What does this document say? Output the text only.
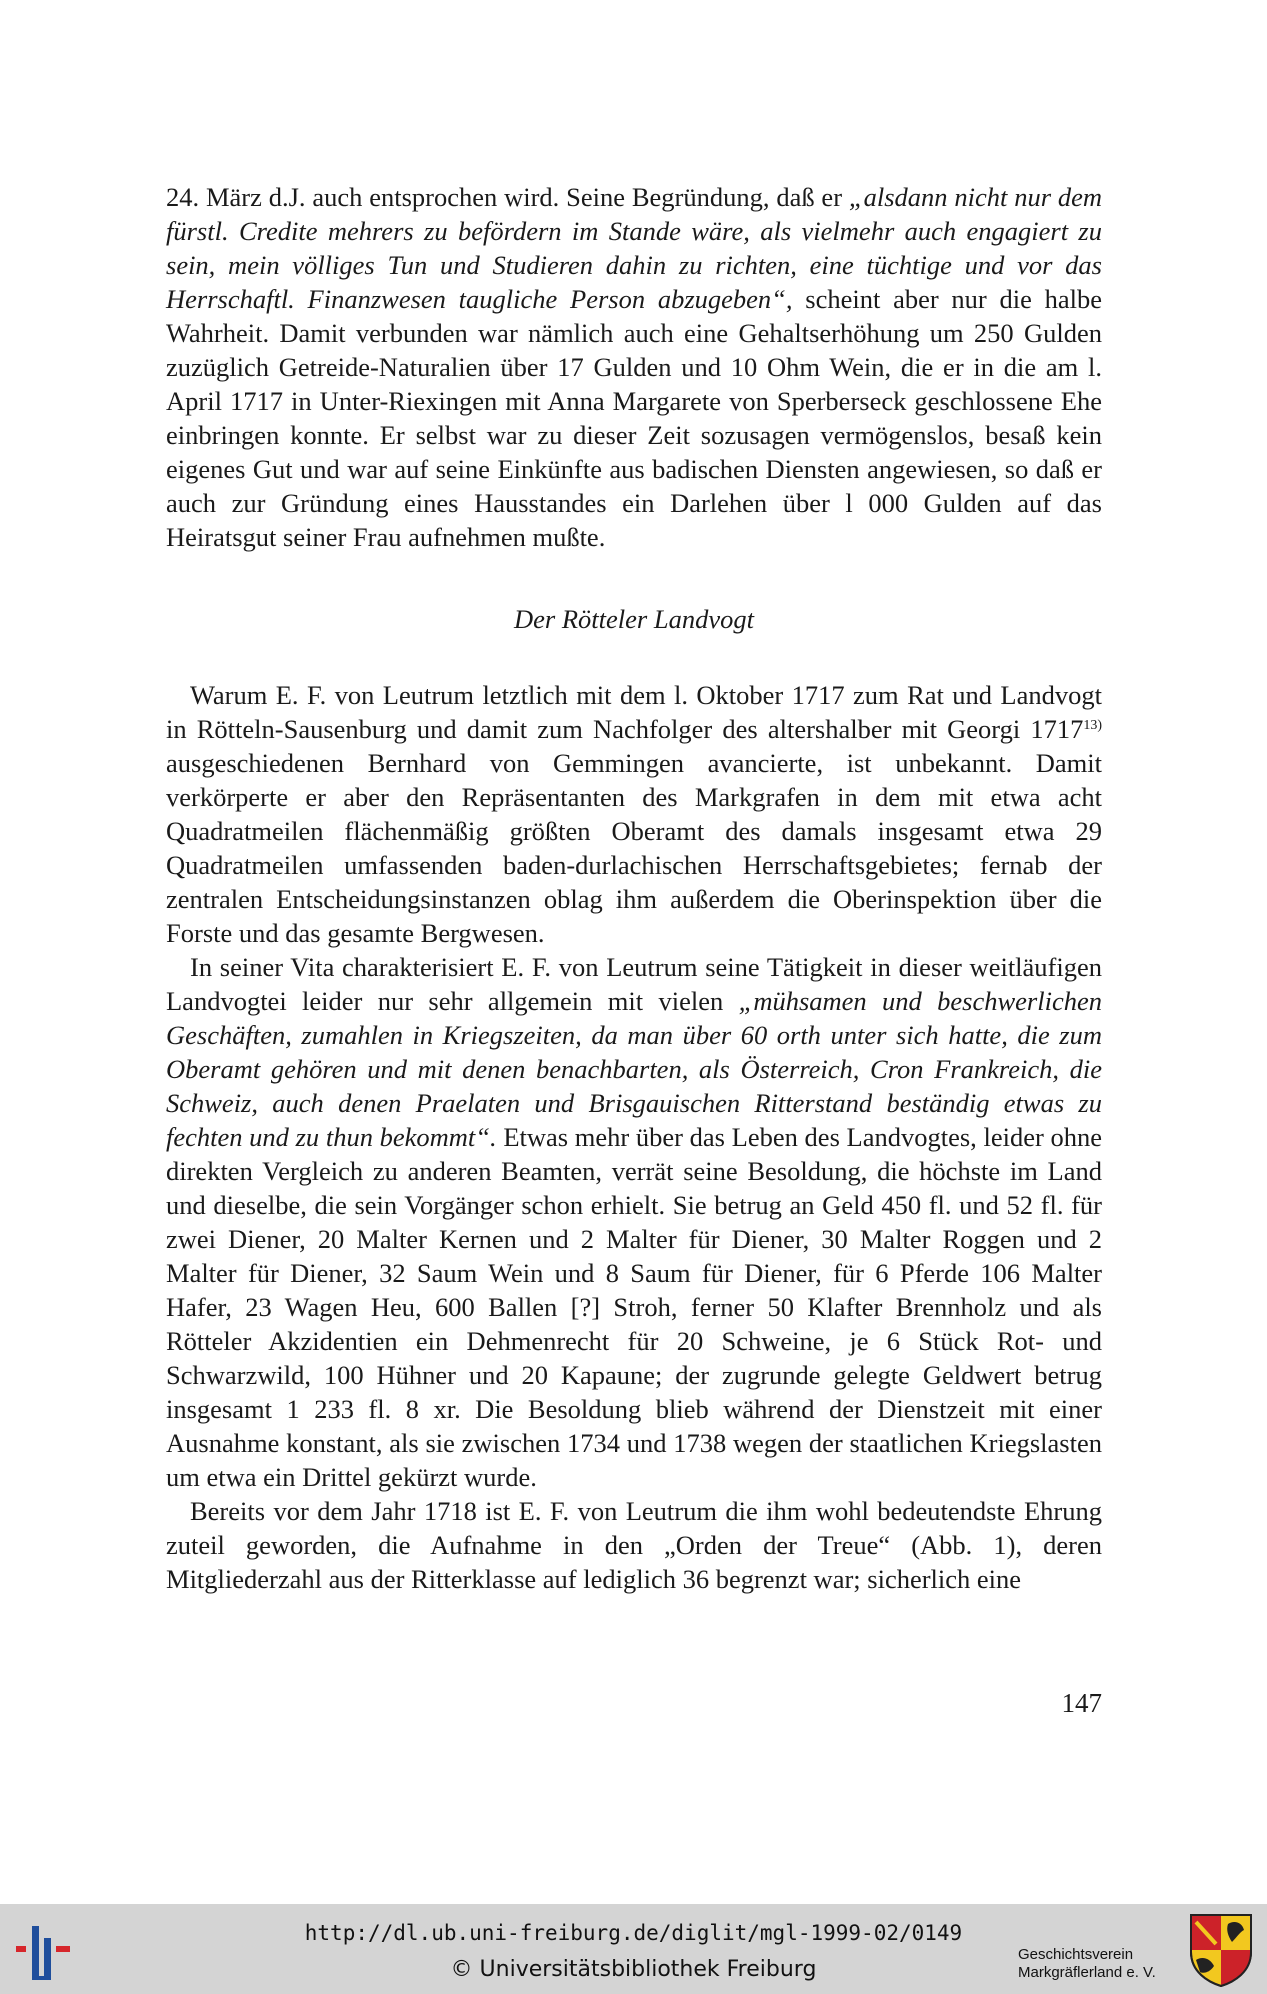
24. März d.J. auch entsprochen wird. Seine Begründung, daß er „alsdann nicht nur dem fürstl. Credite mehrers zu befördern im Stande wäre, als vielmehr auch engagiert zu sein, mein völliges Tun und Studieren dahin zu richten, eine tüchtige und vor das Herrschaftl. Finanzwesen taugliche Person abzugeben“, scheint aber nur die halbe Wahrheit. Damit verbunden war nämlich auch eine Gehaltserhöhung um 250 Gulden zuzüglich Getreide-Naturalien über 17 Gulden und 10 Ohm Wein, die er in die am l. April 1717 in Unter-Riexingen mit Anna Margarete von Sperberseck geschlossene Ehe einbringen konnte. Er selbst war zu dieser Zeit sozusagen vermögenslos, besaß kein eigenes Gut und war auf seine Einkünfte aus badischen Diensten angewiesen, so daß er auch zur Gründung eines Hausstandes ein Darlehen über l 000 Gulden auf das Heiratsgut seiner Frau aufnehmen mußte.

Der Rötteler Landvogt

Warum E. F. von Leutrum letztlich mit dem l. Oktober 1717 zum Rat und Landvogt in Rötteln-Sausenburg und damit zum Nachfolger des altershalber mit Georgi 1717$^{13)}$ ausgeschiedenen Bernhard von Gemmingen avancierte, ist unbekannt. Damit verkörperte er aber den Repräsentanten des Markgrafen in dem mit etwa acht Quadratmeilen flächenmäßig größten Oberamt des damals insgesamt etwa 29 Quadratmeilen umfassenden baden-durlachischen Herrschaftsgebietes; fernab der zentralen Entscheidungsinstanzen oblag ihm außerdem die Oberinspektion über die Forste und das gesamte Bergwesen.

In seiner Vita charakterisiert E. F. von Leutrum seine Tätigkeit in dieser weitläufigen Landvogtei leider nur sehr allgemein mit vielen „mühsamen und beschwerlichen Geschäften, zumahlen in Kriegszeiten, da man über 60 orth unter sich hatte, die zum Oberamt gehören und mit denen benachbarten, als Österreich, Cron Frankreich, die Schweiz, auch denen Praelaten und Brisgauischen Ritterstand beständig etwas zu fechten und zu thun bekommt“. Etwas mehr über das Leben des Landvogtes, leider ohne direkten Vergleich zu anderen Beamten, verrät seine Besoldung, die höchste im Land und dieselbe, die sein Vorgänger schon erhielt. Sie betrug an Geld 450 fl. und 52 fl. für zwei Diener, 20 Malter Kernen und 2 Malter für Diener, 30 Malter Roggen und 2 Malter für Diener, 32 Saum Wein und 8 Saum für Diener, für 6 Pferde 106 Malter Hafer, 23 Wagen Heu, 600 Ballen [?] Stroh, ferner 50 Klafter Brennholz und als Rötteler Akzidentien ein Dehmenrecht für 20 Schweine, je 6 Stück Rot- und Schwarzwild, 100 Hühner und 20 Kapaune; der zugrunde gelegte Geldwert betrug insgesamt 1 233 fl. 8 xr. Die Besoldung blieb während der Dienstzeit mit einer Ausnahme konstant, als sie zwischen 1734 und 1738 wegen der staatlichen Kriegslasten um etwa ein Drittel gekürzt wurde.

Bereits vor dem Jahr 1718 ist E. F. von Leutrum die ihm wohl bedeutendste Ehrung zuteil geworden, die Aufnahme in den „Orden der Treue“ (Abb. 1), deren Mitgliederzahl aus der Ritterklasse auf lediglich 36 begrenzt war; sicherlich eine

147
http://dl.ub.uni-freiburg.de/diglit/mgl-1999-02/0149
© Universitätsbibliothek Freiburg
Geschichtsverein
Markgräflerland e. V.
